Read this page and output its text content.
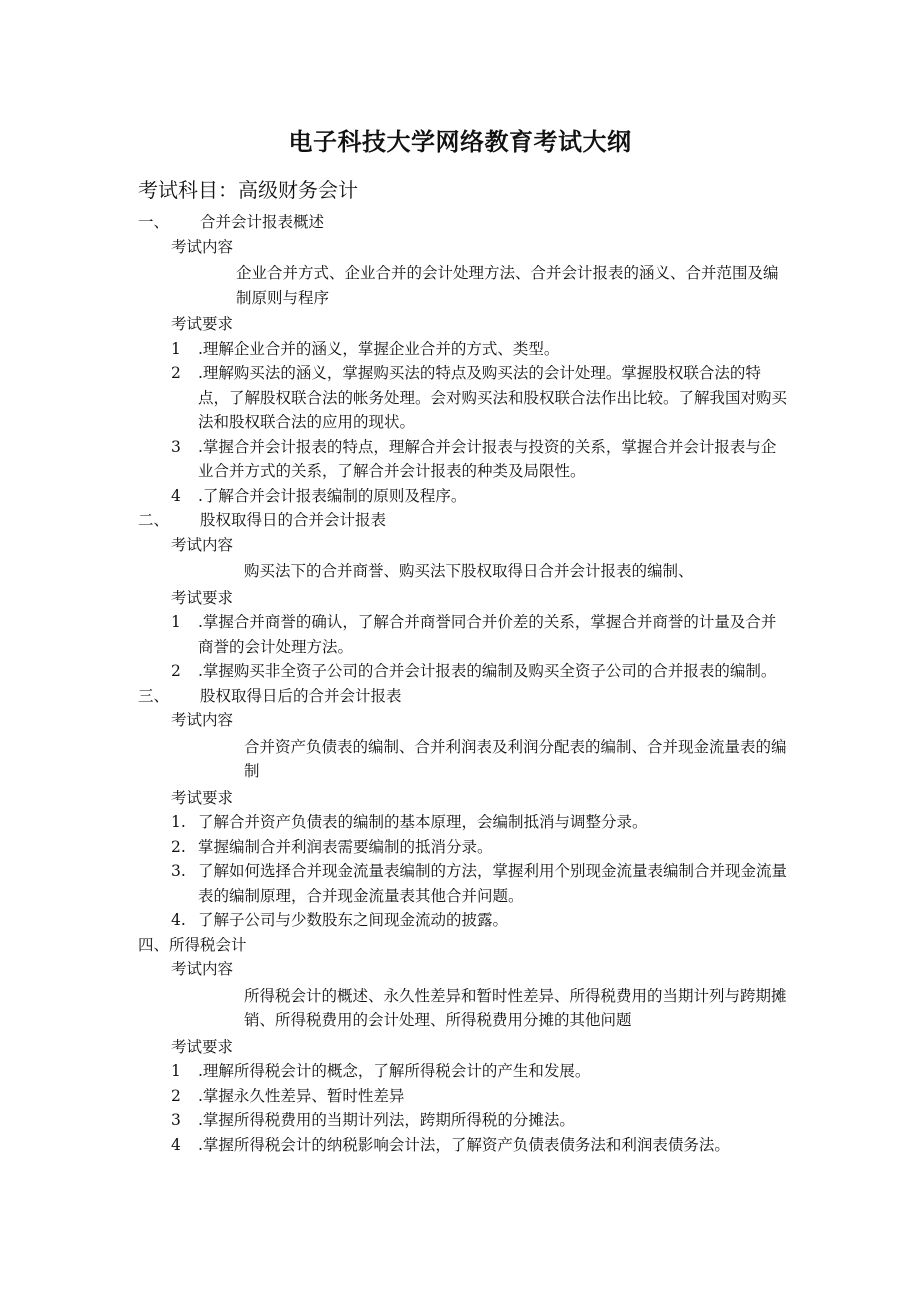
电子科技大学网络教育考试大纲
考试科目：高级财务会计
一、	合并会计报表概述
考试内容
企业合并方式、企业合并的会计处理方法、合并会计报表的涵义、合并范围及编制原则与程序
考试要求
1	.理解企业合并的涵义，掌握企业合并的方式、类型。
2	.理解购买法的涵义，掌握购买法的特点及购买法的会计处理。掌握股权联合法的特点，了解股权联合法的帐务处理。会对购买法和股权联合法作出比较。了解我国对购买法和股权联合法的应用的现状。
3	.掌握合并会计报表的特点，理解合并会计报表与投资的关系，掌握合并会计报表与企业合并方式的关系，了解合并会计报表的种类及局限性。
4	.了解合并会计报表编制的原则及程序。
二、	股权取得日的合并会计报表
考试内容
购买法下的合并商誉、购买法下股权取得日合并会计报表的编制、
考试要求
1	.掌握合并商誉的确认，了解合并商誉同合并价差的关系，掌握合并商誉的计量及合并商誉的会计处理方法。
2	.掌握购买非全资子公司的合并会计报表的编制及购买全资子公司的合并报表的编制。
三、	股权取得日后的合并会计报表
考试内容
合并资产负债表的编制、合并利润表及利润分配表的编制、合并现金流量表的编制
考试要求
1. 了解合并资产负债表的编制的基本原理，会编制抵消与调整分录。
2. 掌握编制合并利润表需要编制的抵消分录。
3. 了解如何选择合并现金流量表编制的方法，掌握利用个别现金流量表编制合并现金流量表的编制原理，合并现金流量表其他合并问题。
4. 了解子公司与少数股东之间现金流动的披露。
四、 所得税会计
考试内容
所得税会计的概述、永久性差异和暂时性差异、所得税费用的当期计列与跨期摊销、所得税费用的会计处理、所得税费用分摊的其他问题
考试要求
1	.理解所得税会计的概念，了解所得税会计的产生和发展。
2	.掌握永久性差异、暂时性差异
3	.掌握所得税费用的当期计列法，跨期所得税的分摊法。
4	.掌握所得税会计的纳税影响会计法，了解资产负债表债务法和利润表债务法。
